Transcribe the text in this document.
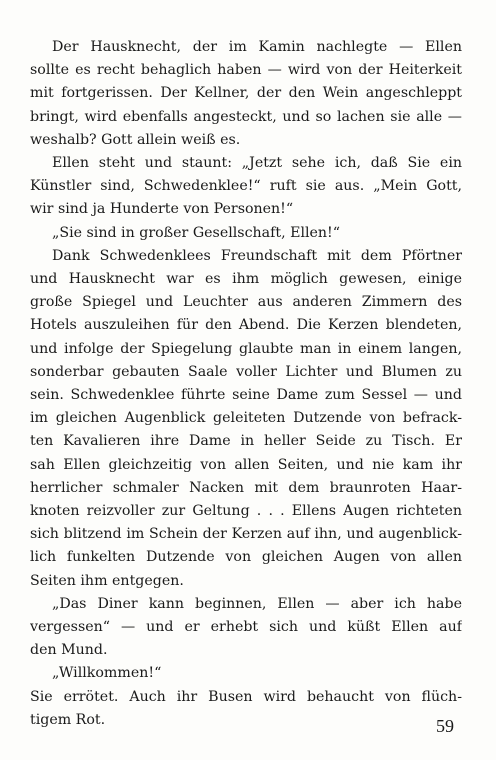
Der Hausknecht, der im Kamin nachlegte — Ellen
sollte es recht behaglich haben — wird von der Heiterkeit
mit fortgerissen. Der Kellner, der den Wein angeschleppt
bringt, wird ebenfalls angesteckt, und so lachen sie alle —
weshalb? Gott allein weiß es.
Ellen steht und staunt: „Jetzt sehe ich, daß Sie ein
Künstler sind, Schwedenklee!“ ruft sie aus. „Mein Gott,
wir sind ja Hunderte von Personen!“
„Sie sind in großer Gesellschaft, Ellen!“
Dank Schwedenklees Freundschaft mit dem Pförtner
und Hausknecht war es ihm möglich gewesen, einige
große Spiegel und Leuchter aus anderen Zimmern des
Hotels auszuleihen für den Abend. Die Kerzen blendeten,
und infolge der Spiegelung glaubte man in einem langen,
sonderbar gebauten Saale voller Lichter und Blumen zu
sein. Schwedenklee führte seine Dame zum Sessel — und
im gleichen Augenblick geleiteten Dutzende von befrack-
ten Kavalieren ihre Dame in heller Seide zu Tisch. Er
sah Ellen gleichzeitig von allen Seiten, und nie kam ihr
herrlicher schmaler Nacken mit dem braunroten Haar-
knoten reizvoller zur Geltung . . . Ellens Augen richteten
sich blitzend im Schein der Kerzen auf ihn, und augenblick-
lich funkelten Dutzende von gleichen Augen von allen
Seiten ihm entgegen.
„Das Diner kann beginnen, Ellen — aber ich habe
vergessen“ — und er erhebt sich und küßt Ellen auf
den Mund.
„Willkommen!“
Sie errötet. Auch ihr Busen wird behaucht von flüch-
tigem Rot.	59
